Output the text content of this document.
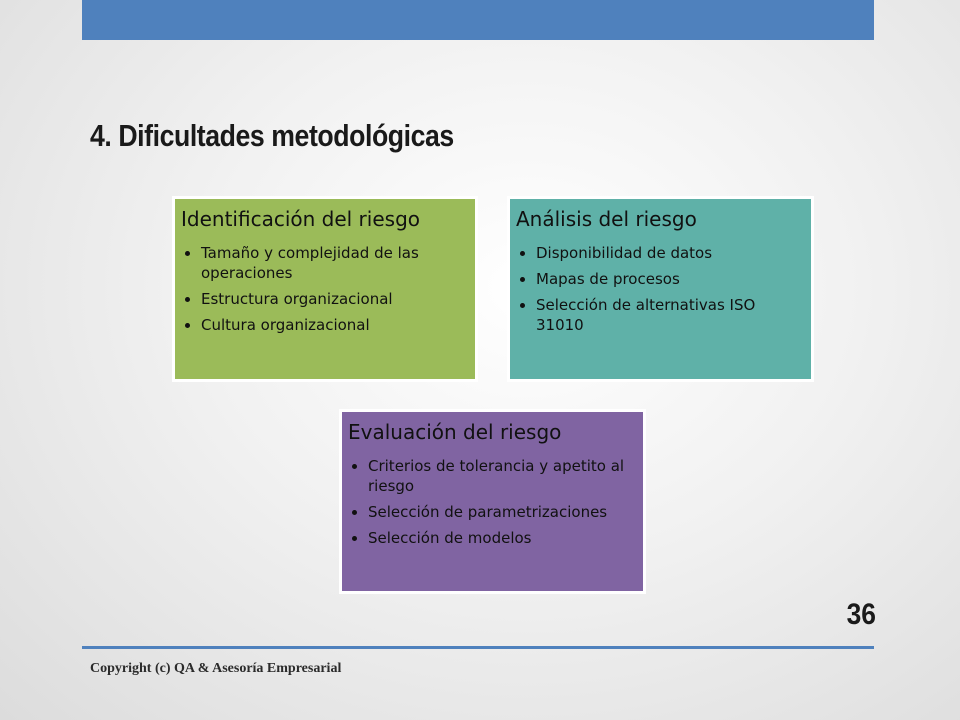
4. Dificultades metodológicas
Identificación del riesgo
• Tamaño y complejidad de las operaciones
• Estructura organizacional
• Cultura organizacional
Análisis del riesgo
• Disponibilidad de datos
• Mapas de procesos
• Selección de alternativas ISO 31010
Evaluación del riesgo
• Criterios de tolerancia y apetito al riesgo
• Selección de parametrizaciones
• Selección de modelos
36
Copyright (c) QA & Asesoría Empresarial
